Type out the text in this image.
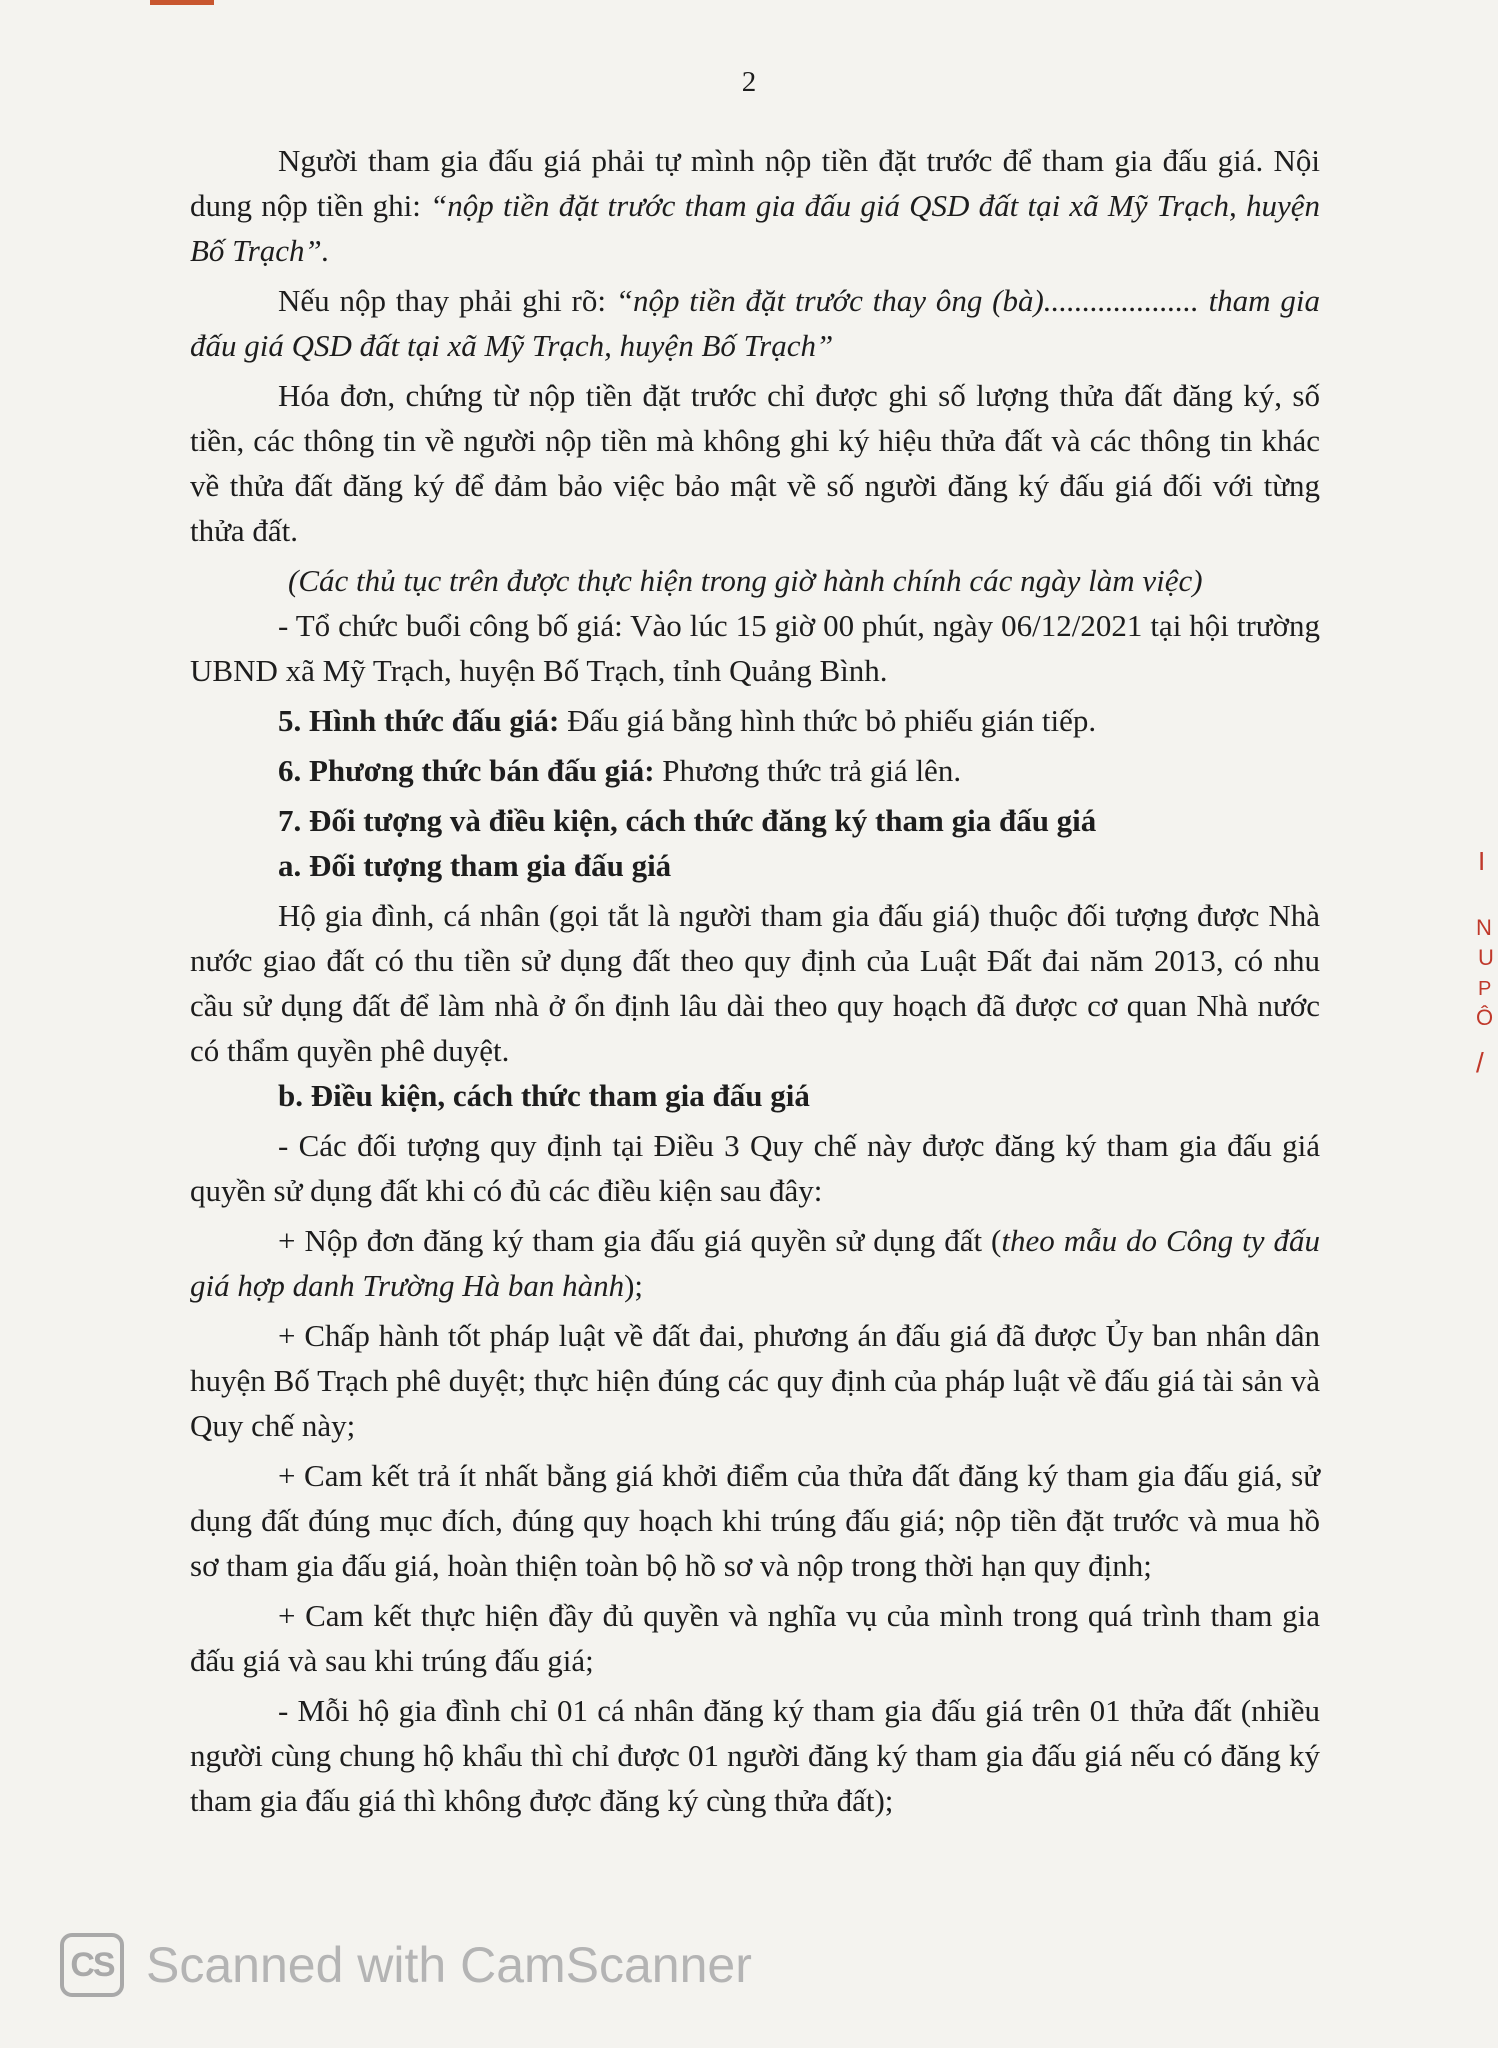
2

Người tham gia đấu giá phải tự mình nộp tiền đặt trước để tham gia đấu giá. Nội dung nộp tiền ghi: “nộp tiền đặt trước tham gia đấu giá QSD đất tại xã Mỹ Trạch, huyện Bố Trạch”.

Nếu nộp thay phải ghi rõ: “nộp tiền đặt trước thay ông (bà).................... tham gia đấu giá QSD đất tại xã Mỹ Trạch, huyện Bố Trạch”

Hóa đơn, chứng từ nộp tiền đặt trước chỉ được ghi số lượng thửa đất đăng ký, số tiền, các thông tin về người nộp tiền mà không ghi ký hiệu thửa đất và các thông tin khác về thửa đất đăng ký để đảm bảo việc bảo mật về số người đăng ký đấu giá đối với từng thửa đất.

(Các thủ tục trên được thực hiện trong giờ hành chính các ngày làm việc)

- Tổ chức buổi công bố giá: Vào lúc 15 giờ 00 phút, ngày 06/12/2021 tại hội trường UBND xã Mỹ Trạch, huyện Bố Trạch, tỉnh Quảng Bình.

5. Hình thức đấu giá: Đấu giá bằng hình thức bỏ phiếu gián tiếp.

6. Phương thức bán đấu giá: Phương thức trả giá lên.

7. Đối tượng và điều kiện, cách thức đăng ký tham gia đấu giá

a. Đối tượng tham gia đấu giá

Hộ gia đình, cá nhân (gọi tắt là người tham gia đấu giá) thuộc đối tượng được Nhà nước giao đất có thu tiền sử dụng đất theo quy định của Luật Đất đai năm 2013, có nhu cầu sử dụng đất để làm nhà ở ổn định lâu dài theo quy hoạch đã được cơ quan Nhà nước có thẩm quyền phê duyệt.

b. Điều kiện, cách thức tham gia đấu giá

- Các đối tượng quy định tại Điều 3 Quy chế này được đăng ký tham gia đấu giá quyền sử dụng đất khi có đủ các điều kiện sau đây:

+ Nộp đơn đăng ký tham gia đấu giá quyền sử dụng đất (theo mẫu do Công ty đấu giá hợp danh Trường Hà ban hành);

+ Chấp hành tốt pháp luật về đất đai, phương án đấu giá đã được Ủy ban nhân dân huyện Bố Trạch phê duyệt; thực hiện đúng các quy định của pháp luật về đấu giá tài sản và Quy chế này;

+ Cam kết trả ít nhất bằng giá khởi điểm của thửa đất đăng ký tham gia đấu giá, sử dụng đất đúng mục đích, đúng quy hoạch khi trúng đấu giá; nộp tiền đặt trước và mua hồ sơ tham gia đấu giá, hoàn thiện toàn bộ hồ sơ và nộp trong thời hạn quy định;

+ Cam kết thực hiện đầy đủ quyền và nghĩa vụ của mình trong quá trình tham gia đấu giá và sau khi trúng đấu giá;

- Mỗi hộ gia đình chỉ 01 cá nhân đăng ký tham gia đấu giá trên 01 thửa đất (nhiều người cùng chung hộ khẩu thì chỉ được 01 người đăng ký tham gia đấu giá nếu có đăng ký tham gia đấu giá thì không được đăng ký cùng thửa đất);

I
N
U
P
Ô
/
CS Scanned with CamScanner
